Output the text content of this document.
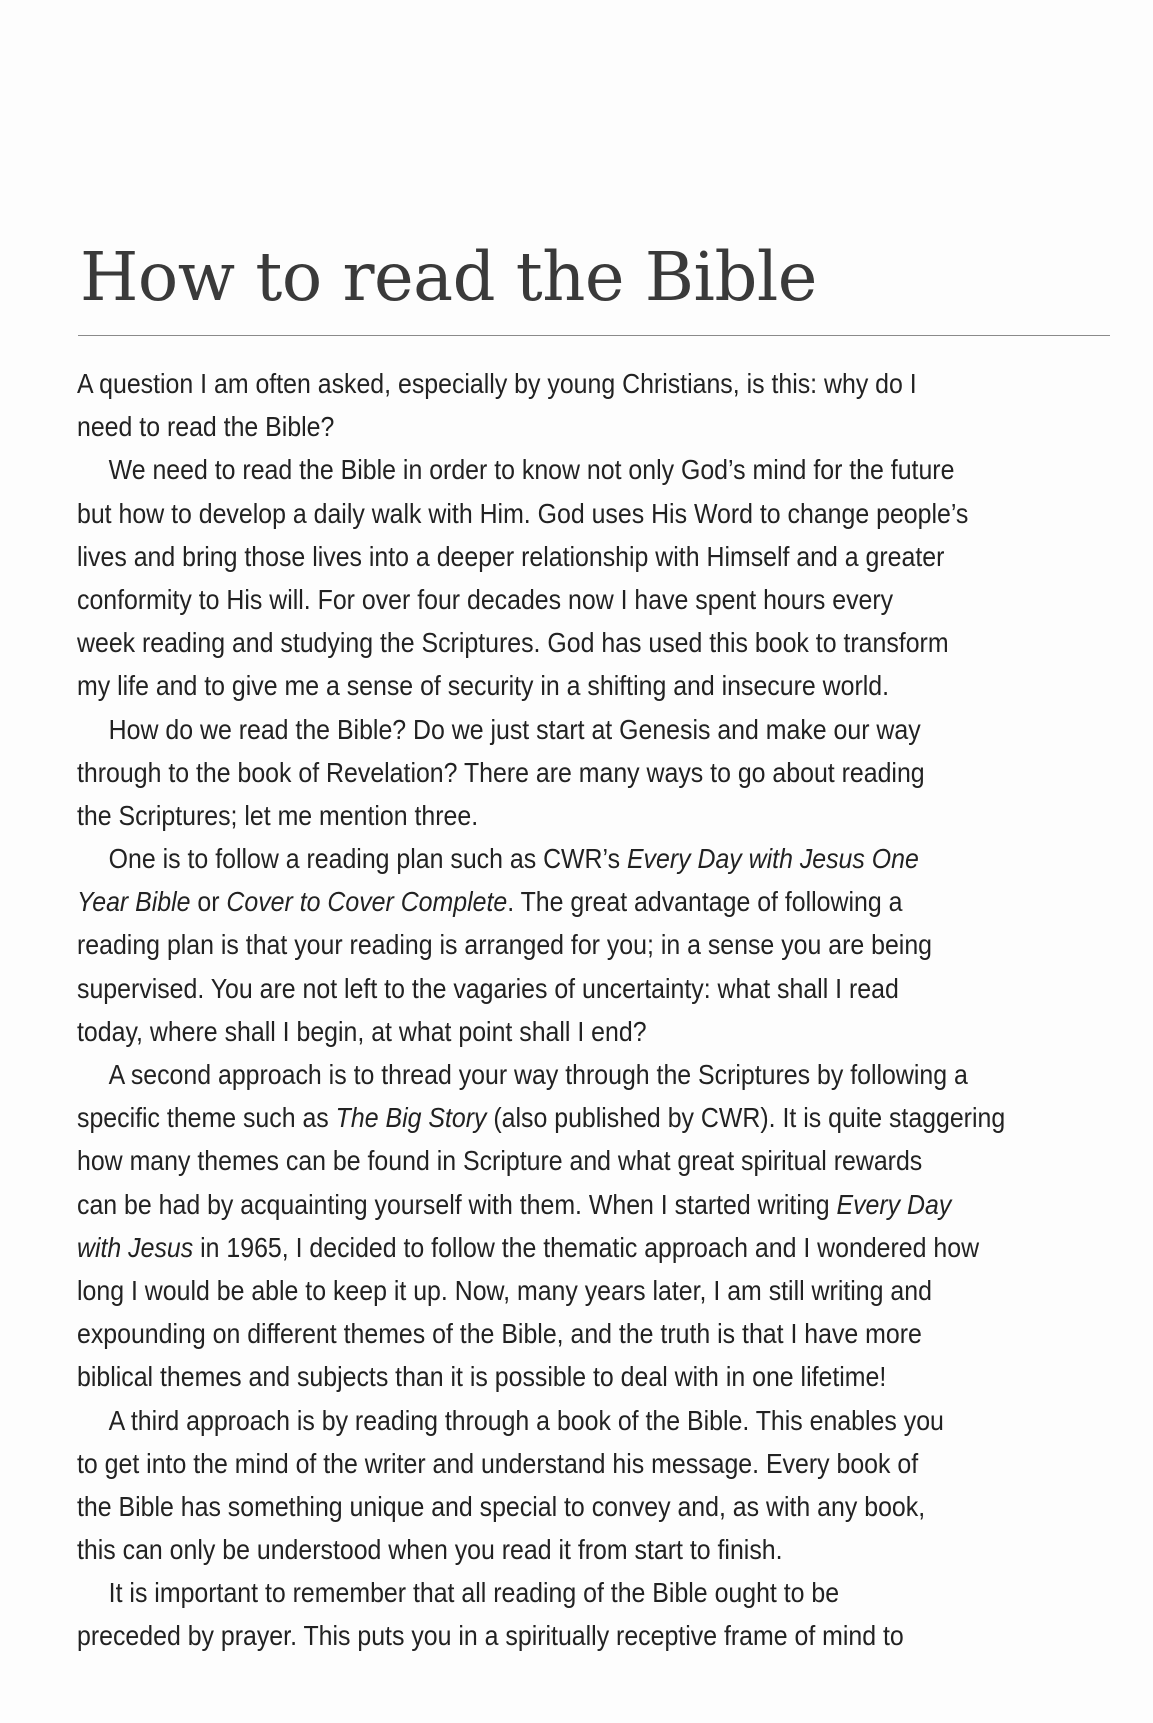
How to read the Bible
A question I am often asked, especially by young Christians, is this: why do I
need to read the Bible?
We need to read the Bible in order to know not only God’s mind for the future
but how to develop a daily walk with Him. God uses His Word to change people’s
lives and bring those lives into a deeper relationship with Himself and a greater
conformity to His will. For over four decades now I have spent hours every
week reading and studying the Scriptures. God has used this book to transform
my life and to give me a sense of security in a shifting and insecure world.
How do we read the Bible? Do we just start at Genesis and make our way
through to the book of Revelation? There are many ways to go about reading
the Scriptures; let me mention three.
One is to follow a reading plan such as CWR’s Every Day with Jesus One
Year Bible or Cover to Cover Complete. The great advantage of following a
reading plan is that your reading is arranged for you; in a sense you are being
supervised. You are not left to the vagaries of uncertainty: what shall I read
today, where shall I begin, at what point shall I end?
A second approach is to thread your way through the Scriptures by following a
specific theme such as The Big Story (also published by CWR). It is quite staggering
how many themes can be found in Scripture and what great spiritual rewards
can be had by acquainting yourself with them. When I started writing Every Day
with Jesus in 1965, I decided to follow the thematic approach and I wondered how
long I would be able to keep it up. Now, many years later, I am still writing and
expounding on different themes of the Bible, and the truth is that I have more
biblical themes and subjects than it is possible to deal with in one lifetime!
A third approach is by reading through a book of the Bible. This enables you
to get into the mind of the writer and understand his message. Every book of
the Bible has something unique and special to convey and, as with any book,
this can only be understood when you read it from start to finish.
It is important to remember that all reading of the Bible ought to be
preceded by prayer. This puts you in a spiritually receptive frame of mind to
